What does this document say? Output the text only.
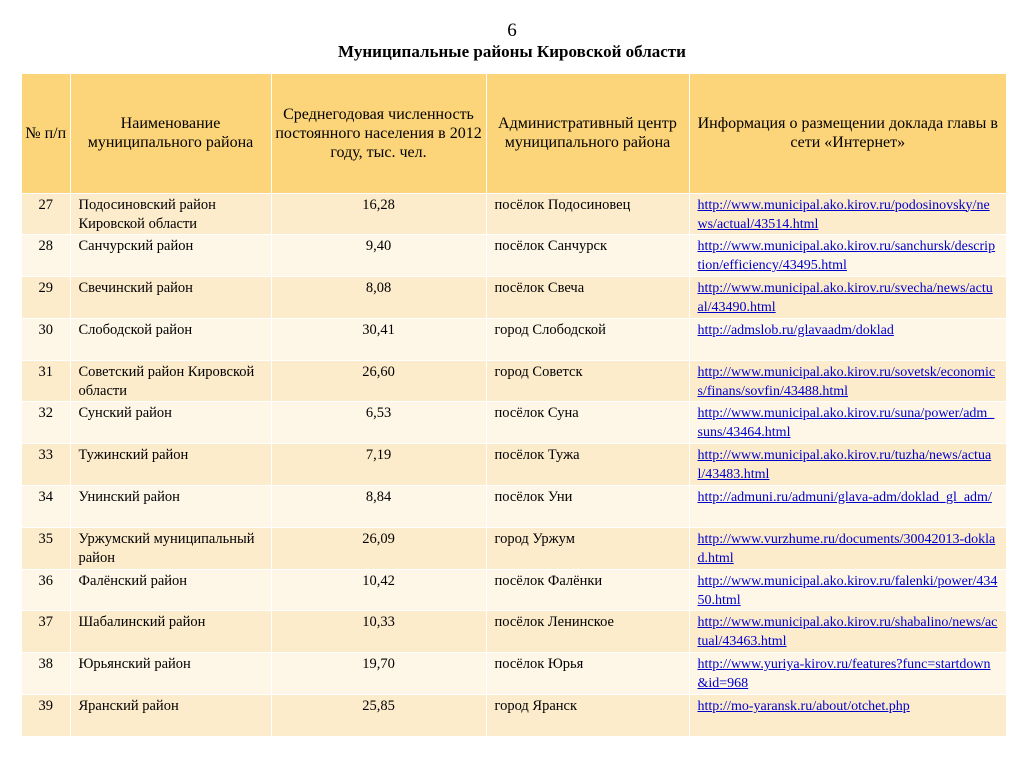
6
Муниципальные районы Кировской области
№ п/п	Наименование муниципального района	Среднегодовая численность постоянного населения в 2012 году, тыс. чел.	Административный центр муниципального района	Информация о размещении доклада главы в сети «Интернет»
27	Подосиновский район Кировской области	16,28	посёлок Подосиновец	http://www.municipal.ako.kirov.ru/podosinovsky/news/actual/43514.html
28	Санчурский район	9,40	посёлок Санчурск	http://www.municipal.ako.kirov.ru/sanchursk/description/efficiency/43495.html
29	Свечинский район	8,08	посёлок Свеча	http://www.municipal.ako.kirov.ru/svecha/news/actual/43490.html
30	Слободской район	30,41	город Слободской	http://admslob.ru/glavaadm/doklad
31	Советский район Кировской области	26,60	город Советск	http://www.municipal.ako.kirov.ru/sovetsk/economics/finans/sovfin/43488.html
32	Сунский район	6,53	посёлок Суна	http://www.municipal.ako.kirov.ru/suna/power/adm_suns/43464.html
33	Тужинский район	7,19	посёлок Тужа	http://www.municipal.ako.kirov.ru/tuzha/news/actual/43483.html
34	Унинский район	8,84	посёлок Уни	http://admuni.ru/admuni/glava-adm/doklad_gl_adm/
35	Уржумский муниципальный район	26,09	город Уржум	http://www.vurzhume.ru/documents/30042013-doklad.html
36	Фалёнский район	10,42	посёлок Фалёнки	http://www.municipal.ako.kirov.ru/falenki/power/43450.html
37	Шабалинский район	10,33	посёлок Ленинское	http://www.municipal.ako.kirov.ru/shabalino/news/actual/43463.html
38	Юрьянский район	19,70	посёлок Юрья	http://www.yuriya-kirov.ru/features?func=startdown&id=968
39	Яранский район	25,85	город Яранск	http://mo-yaransk.ru/about/otchet.php
